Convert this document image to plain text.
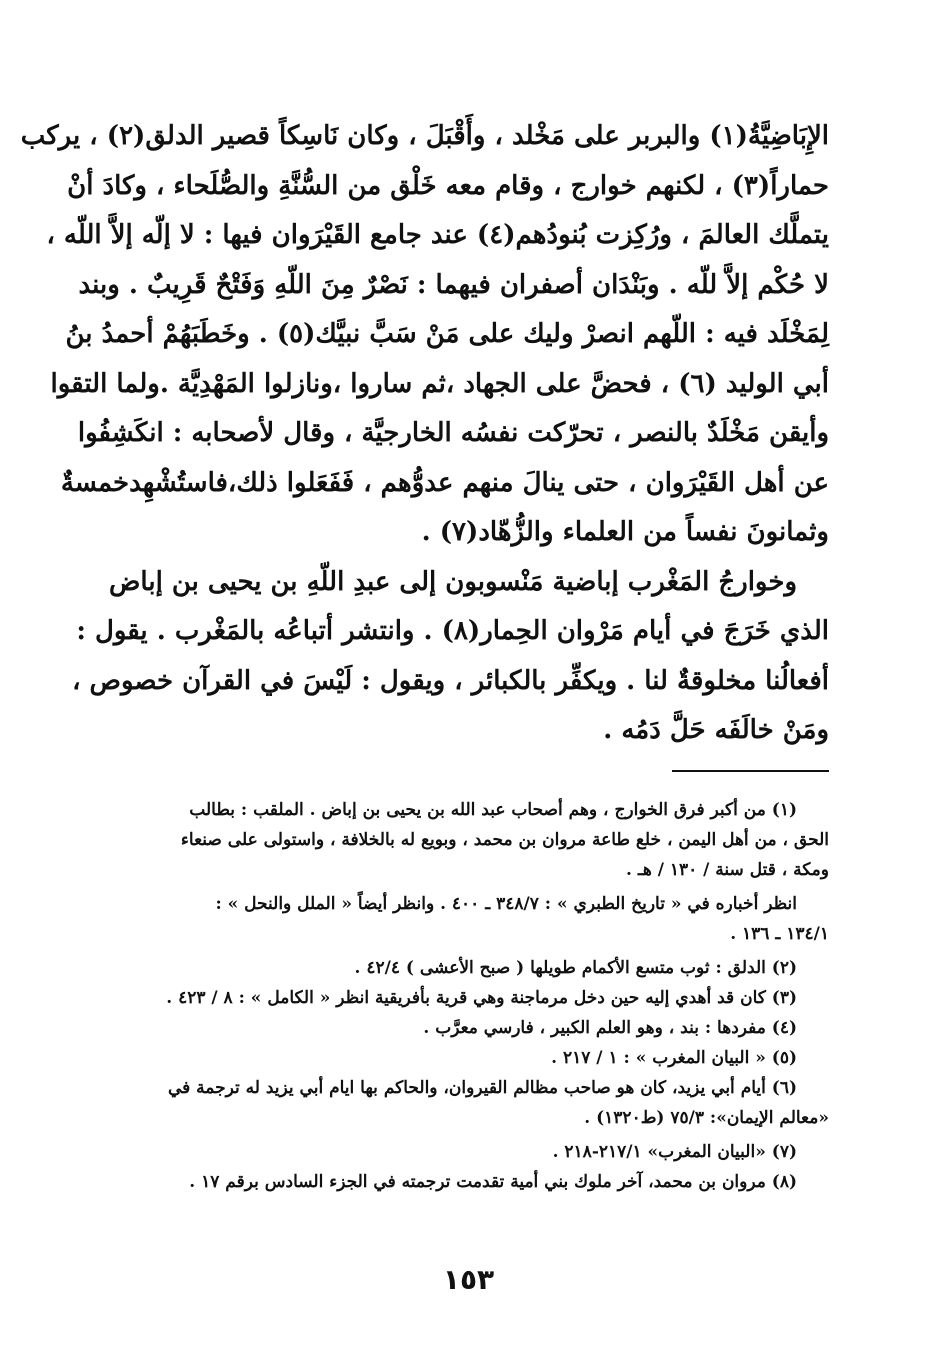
الإِبَاضِيَّةُ(١) والبربر على مَخْلد ، وأَقْبَلَ ، وكان نَاسِكاً قصير الدلق(٢) ، يركب
حماراً(٣) ، لكنهم خوارج ، وقام معه خَلْق من السُّنَّةِ والصُّلَحاء ، وكادَ أنْ
يتملَّك العالمَ ، ورُكِزت بُنودُهم(٤) عند جامع القَيْرَوان فيها : لا إلّه إلاَّ اللّه ،
لا حُكْم إلاَّ للّه . وبَنْدَان أصفران فيهما : نَصْرٌ مِنَ اللّهِ وَفَتْحٌ قَرِيبٌ . وبند
لِمَخْلَد فيه : اللّهم انصرْ وليك على مَنْ سَبَّ نبيَّك(٥) . وخَطَبَهُمْ أحمدُ بنُ
أبي الوليد (٦) ، فحضَّ على الجهاد ،ثم ساروا ،ونازلوا المَهْدِيَّة .ولما التقوا
وأيقن مَخْلَدٌ بالنصر ، تحرّكت نفسُه الخارجيَّة ، وقال لأصحابه : انكَشِفُوا
عن أهل القَيْرَوان ، حتى ينالَ منهم عدوُّهم ، فَفَعَلوا ذلك،فاستُشْهِدخمسةٌ
وثمانونَ نفساً من العلماء والزُّهّاد(٧) .
وخوارجُ المَغْرب إباضية مَنْسوبون إلى عبدِ اللّهِ بن يحيى بن إباض
الذي خَرَجَ في أيام مَرْوان الحِمار(٨) . وانتشر أتباعُه بالمَغْرب . يقول :
أفعالُنا مخلوقةٌ لنا . ويكفِّر بالكبائر ، ويقول : لَيْسَ في القرآن خصوص ،
ومَنْ خالَفَه حَلَّ دَمُه .
(١) من أكبر فرق الخوارج ، وهم أصحاب عبد الله بن يحيى بن إباض . الملقب : بطالب
الحق ، من أهل اليمن ، خلع طاعة مروان بن محمد ، وبويع له بالخلافة ، واستولى على صنعاء
ومكة ، قتل سنة / ١٣٠ / هـ .
انظر أخباره في « تاريخ الطبري » : ٣٤٨/٧ ـ ٤٠٠ . وانظر أيضاً « الملل والنحل » :
١٣٤/١ ـ ١٣٦ .
(٢) الدلق : ثوب متسع الأكمام طويلها ( صبح الأعشى ) ٤٢/٤ .
(٣) كان قد أهدي إليه حين دخل مرماجنة وهي قرية بأفريقية انظر « الكامل » : ٨ / ٤٢٣ .
(٤) مفردها : بند ، وهو العلم الكبير ، فارسي معرَّب .
(٥) « البيان المغرب » : ١ / ٢١٧ .
(٦) أيام أبي يزيد، كان هو صاحب مظالم القيروان، والحاكم بها ايام أبي يزيد له ترجمة في
«معالم الإيمان»: ٧٥/٣ (ط١٣٢٠) .
(٧) «البيان المغرب» ٢١٧/١-٢١٨ .
(٨) مروان بن محمد، آخر ملوك بني أمية تقدمت ترجمته في الجزء السادس برقم ١٧ .
١٥٣
